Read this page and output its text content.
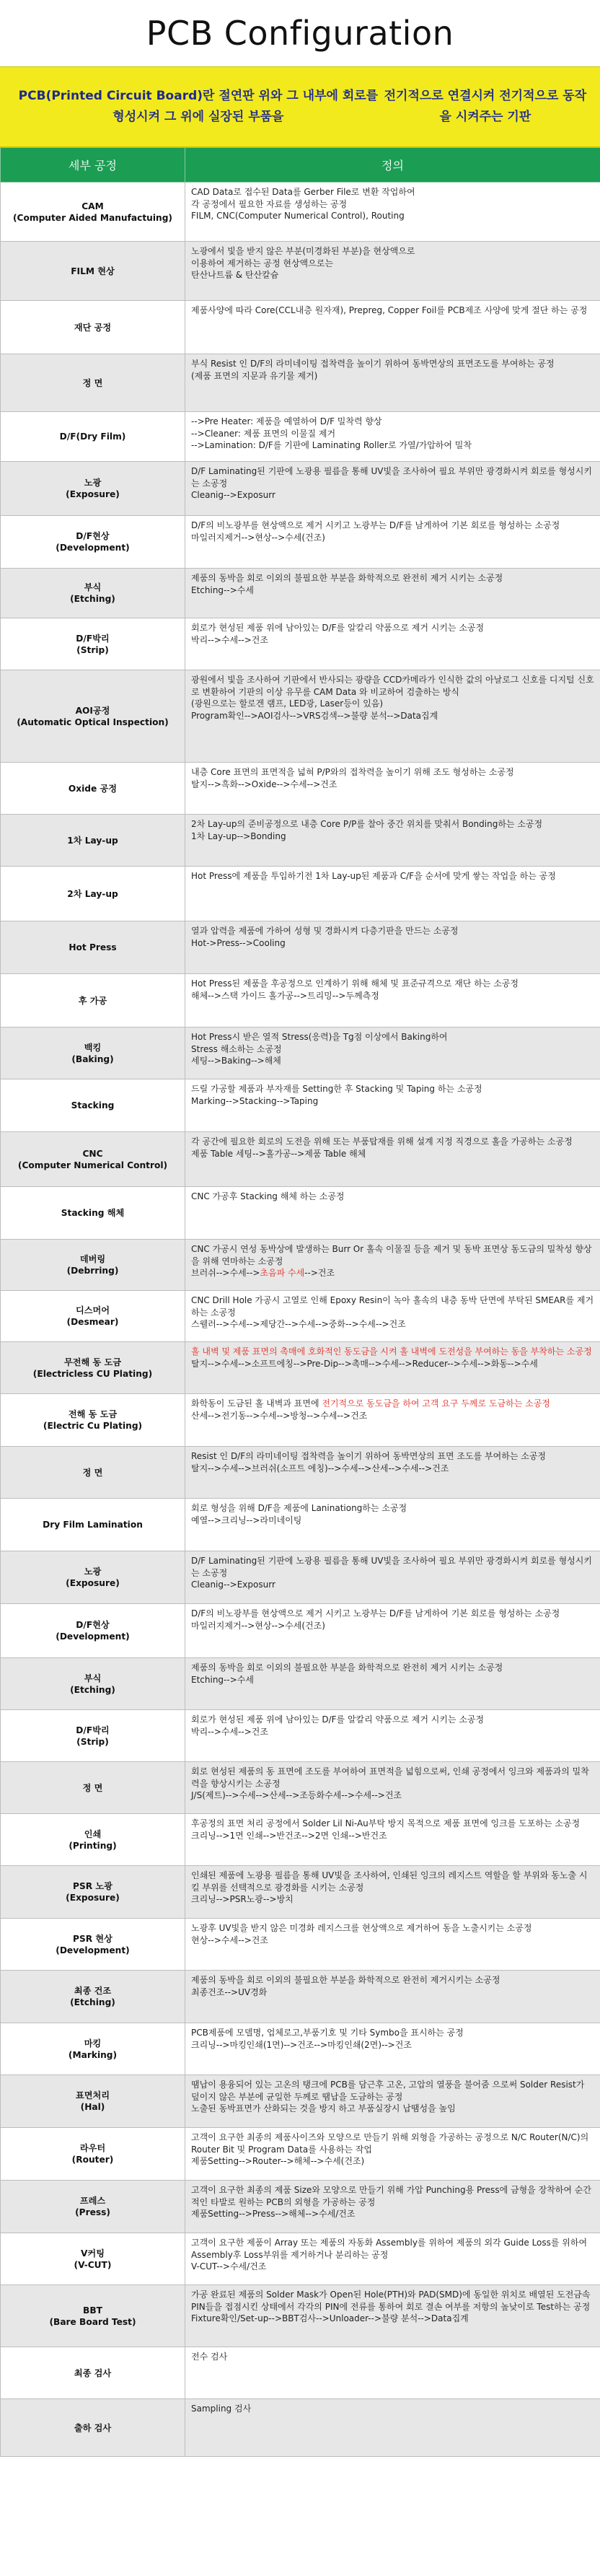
PCB Configuration
PCB(Printed Circuit Board)란 절연판 위와 그 내부에 회로를 형성시켜 그 위에 실장된 부품을
전기적으로 연결시켜 전기적으로 동작을 시켜주는 기판
세부 공정	정의

CAM
(Computer Aided Manufactuing)	CAD Data로 접수된 Data를 Gerber File로 변환 작업하여
각 공정에서 필요한 자료를 생성하는 공정
FILM, CNC(Computer Numerical Control), Routing

FILM 현상	노광에서 빛을 받지 않은 부분(미경화된 부분)을 현상액으로
이용하여 제거하는 공정 현상액으로는
탄산나트륨 & 탄산칼슘

재단 공정	제품사양에 따라 Core(CCL내층 원자재), Prepreg, Copper Foil를 PCB제조 사양에 맞게 절단 하는 공정

정 면	부식 Resist 인 D/F의 라미네이팅 접착력을 높이기 위하여 동박면상의 표면조도를 부여하는 공정
(제품 표면의 지문과 유기물 제거)

D/F(Dry Film)	-->Pre Heater: 제품을 예열하여 D/F 밀착력 향상
-->Cleaner: 제품 표면의 이물질 제거
-->Lamination: D/F를 기판에 Laminating Roller로 가열/가압하여 밀착

노광
(Exposure)	D/F Laminating된 기판에 노광용 필름을 통해 UV빛을 조사하여 필요 부위만 광경화시켜 회로를 형성시키는 소공정
Cleanig-->Exposurr

D/F현상
(Development)	D/F의 비노광부를 현상액으로 제거 시키고 노광부는 D/F를 남게하여 기본 회로를 형성하는 소공정
마일러지제거-->현상-->수세(건조)

부식
(Etching)	제품의 동박을 회로 이외의 불필요한 부분을 화학적으로 완전히 제거 시키는 소공정
Etching-->수세

D/F박리
(Strip)	회로가 현성된 제품 위에 남아있는 D/F를 알칼리 약품으로 제거 시키는 소공정
박리-->수세-->건조

AOI공정
(Automatic Optical Inspection)	광원에서 빛을 조사하여 기판에서 반사되는 광량을 CCD카메라가 인식한 값의 아날로그 신호를 디지털 신호로 변환하여 기판의 이상 유무를 CAM Data 와 비교하여 검출하는 방식
(광원으로는 할로겐 램프, LED광, Laser등이 있음)
Program확인-->AOI검사-->VRS검색-->불량 분석-->Data집계

Oxide 공정	내층 Core 표면의 표면적을 넓혀 P/P와의 접착력을 높이기 위해 조도 형성하는 소공정
탈지-->흑화-->Oxide-->수세-->건조

1차 Lay-up	2차 Lay-up의 준비공정으로 내층 Core P/P를 찰아 중간 위치를 맞춰서 Bonding하는 소공정
1차 Lay-up-->Bonding

2차 Lay-up	Hot Press에 제품을 투입하기전 1차 Lay-up된 제품과 C/F을 순서에 맞게 쌓는 작업을 하는 공정

Hot Press	열과 압력을 제품에 가하여 성형 및 경화시켜 다층기판을 만드는 소공정
Hot->Press-->Cooling

후 가공	Hot Press된 제품을 후공정으로 인계하기 위해 해체 및 표준규격으로 재단 하는 소공정
해체-->스택 가이드 홀가공-->트리밍-->두께측정

백킹
(Baking)	Hot Press시 받은 열적 Stress(응력)을 Tg점 이상에서 Baking하여
Stress 해소하는 소공정
세팅-->Baking-->해체

Stacking	드릴 가공할 제품과 부자재를 Setting한 후 Stacking 및 Taping 하는 소공정
Marking-->Stacking-->Taping

CNC
(Computer Numerical Control)	각 공간에 필요한 회로의 도전을 위해 또는 부품탑재를 위해 설계 지정 직경으로 홀을 가공하는 소공정
제품 Table 세팅-->홀가공-->제품 Table 해체

Stacking 해체	CNC 가공후 Stacking 해체 하는 소공정

데버링
(Debrring)	CNC 가공시 연성 동박상에 발생하는 Burr Or 홀속 이물질 등을 제거 및 동박 표면상 동도금의 밀착성 향상을 위해 연마하는 소공정
브러쉬-->수세-->초음파 수세-->건조

디스머어
(Desmear)	CNC Drill Hole 가공시 고열로 인해 Epoxy Resin이 녹아 홀속의 내층 동박 단면에 부탁된 SMEAR를 제거하는 소공정
스웰러-->수세-->제당간-->수세-->중화-->수세-->건조

무전해 동 도금
(Electricless CU Plating)	홀 내벽 및 제품 표면의 촉매에 호화적인 동도금을 시켜 홀 내벽에 도전성을 부여하는 동을 부착하는 소공정
탈지-->수세-->소프트에칭-->Pre-Dip-->촉매-->수세-->Reducer-->수세-->화동-->수세

전해 동 도금
(Electric Cu Plating)	화학동이 도금된 홀 내벽과 표면에 전기적으로 동도금을 하여 고객 요구 두께로 도금하는 소공정
산세-->전기동-->수세-->방청-->수세-->건조

정 면	Resist 인 D/F의 라미네이팅 접착력을 높이기 위하여 동박면상의 표면 조도를 부여하는 소공정
탈지-->수세-->브러쉬(소프트 에칭)-->수세-->산세-->수세-->건조

Dry Film Lamination	회로 형성을 위해 D/F을 제품에 Laninationg하는 소공정
예열-->크리닝-->라미네이팅

노광
(Exposure)	D/F Laminating된 기판에 노광용 필름을 통해 UV빛을 조사하여 필요 부위만 광경화시켜 회로를 형성시키는 소공정
Cleanig-->Exposurr

D/F현상
(Development)	D/F의 비노광부를 현상액으로 제거 시키고 노광부는 D/F를 남게하여 기본 회로를 형성하는 소공정
마일러지제거-->현상-->수세(건조)

부식
(Etching)	제품의 동박을 회로 이외의 불필요한 부분을 화학적으로 완전히 제거 시키는 소공정
Etching-->수세

D/F박리
(Strip)	회로가 현성된 제품 위에 남아있는 D/F를 알칼리 약품으로 제거 시키는 소공정
박리-->수세-->건조

정 면	회로 현성된 제품의 동 표면에 조도를 부여하여 표면적을 넓힘으로써, 인쇄 공정에서 잉크와 제품과의 밀착력을 향상시키는 소공정
J/S(제트)-->수세-->산세-->조등화수세-->수세-->건조

인쇄
(Printing)	후공정의 표면 처리 공정에서 Solder Lil Ni-Au부탁 방지 목적으로 제품 표면에 잉크를 도포하는 소공정
크리닝-->1면 인쇄-->반건조-->2면 인쇄-->반건조

PSR 노광
(Exposure)	인쇄된 제품에 노광용 필름을 통해 UV빛을 조사하여, 인쇄된 잉크의 레지스트 역할을 할 부위와 동노출 시킬 부위를 선택적으로 광경화를 시키는 소공정
크리닝-->PSR노광-->방치

PSR 현상
(Development)	노광후 UV빛을 받지 않은 미경화 레지스크를 현상액으로 제거하여 동을 노출시키는 소공정
현상-->수세-->건조

최종 건조
(Etching)	제품의 동박을 회로 이외의 불필요한 부분을 화학적으로 완전히 제거시키는 소공정
최종건조-->UV경화

마킹
(Marking)	PCB제품에 모델명, 업체로고,부품기호 및 기타 Symbo을 표시하는 공정
크리닝-->마킹인쇄(1면)-->건조-->마킹인쇄(2면)-->건조

표면처리
(Hal)	땜납이 용융되어 있는 고온의 탱크에 PCB를 담근후 고온, 고압의 열풍을 불어줌 으로써 Solder Resist가 덮이지 않은 부분에 균일한 두께로 땜납을 도금하는 공정
노출된 동박표면가 산화되는 것을 방지 하고 부품실장시 납땜성을 높임

라우터
(Router)	고객이 요구한 최종의 제품사이즈와 모양으로 만들기 위해 외형을 가공하는 공정으로 N/C Router(N/C)의 Router Bit 및 Program Data를 사용하는 작업
제품Setting-->Router-->해체-->수세(건조)

프레스
(Press)	고객이 요구한 최종의 제품 Size와 모양으로 만들기 위해 가압 Punching용 Press에 금형을 장착하여 순간적인 타발로 원하는 PCB의 외형을 가공하는 공정
제품Setting-->Press-->해체-->수세/건조

V커팅
(V-CUT)	고객이 요구한 제품이 Array 또는 제품의 자동화 Assembly를 위하여 제품의 외각 Guide Loss를 위하여 Assembly후 Loss부위를 제거하거나 분리하는 공정
V-CUT-->수세/건조

BBT
(Bare Board Test)	가공 완료된 제품의 Solder Mask가 Open된 Hole(PTH)와 PAD(SMD)에 동일한 위치로 배열된 도전금속 PIN들을 접점시킨 상태에서 각각의 PIN에 전류를 통하여 회로 결손 여부를 저항의 높낮이로 Test하는 공정
Fixture확인/Set-up-->BBT검사-->Unloader-->불량 분석-->Data집계

최종 검사	전수 검사

출하 검사	Sampling 검사
